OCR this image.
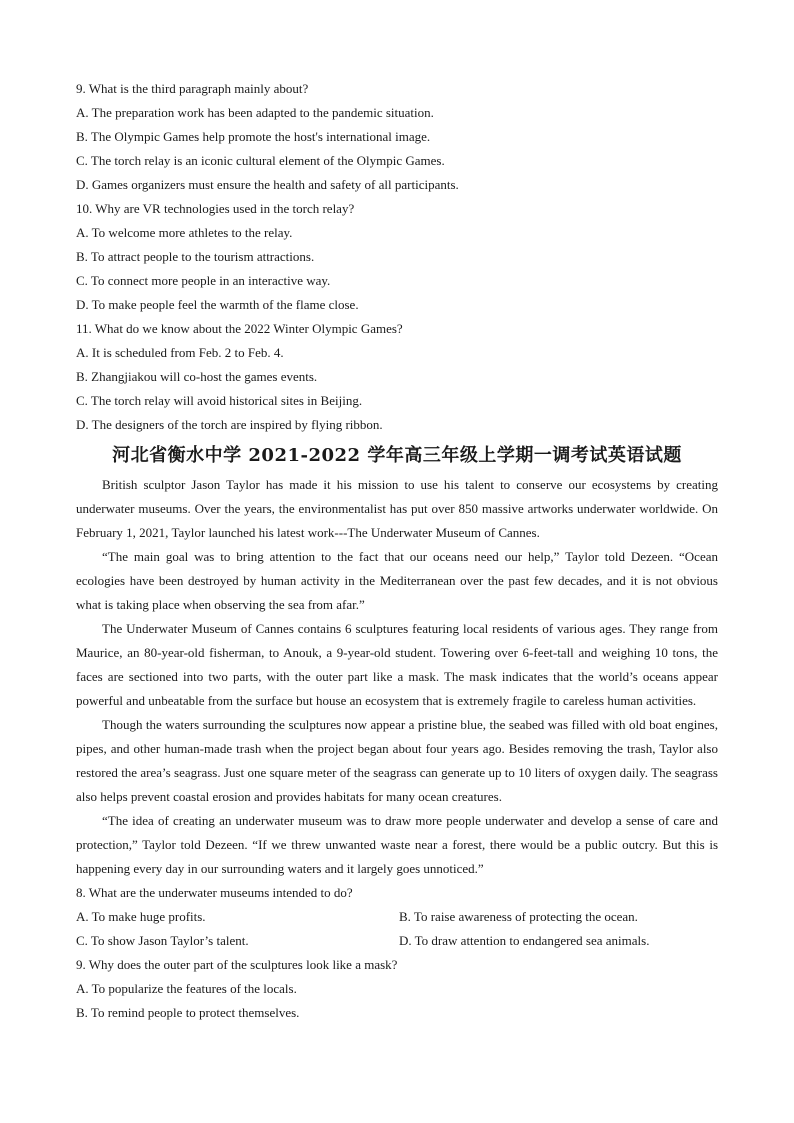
9. What is the third paragraph mainly about?
A. The preparation work has been adapted to the pandemic situation.
B. The Olympic Games help promote the host's international image.
C. The torch relay is an iconic cultural element of the Olympic Games.
D. Games organizers must ensure the health and safety of all participants.
10. Why are VR technologies used in the torch relay?
A. To welcome more athletes to the relay.
B. To attract people to the tourism attractions.
C. To connect more people in an interactive way.
D. To make people feel the warmth of the flame close.
11. What do we know about the 2022 Winter Olympic Games?
A. It is scheduled from Feb. 2 to Feb. 4.
B. Zhangjiakou will co-host the games events.
C. The torch relay will avoid historical sites in Beijing.
D. The designers of the torch are inspired by flying ribbon.
河北省衡水中学 2021-2022 学年高三年级上学期一调考试英语试题

British sculptor Jason Taylor has made it his mission to use his talent to conserve our ecosystems by creating underwater museums. Over the years, the environmentalist has put over 850 massive artworks underwater worldwide. On February 1, 2021, Taylor launched his latest work---The Underwater Museum of Cannes.

“The main goal was to bring attention to the fact that our oceans need our help,” Taylor told Dezeen. “Ocean ecologies have been destroyed by human activity in the Mediterranean over the past few decades, and it is not obvious what is taking place when observing the sea from afar.”

The Underwater Museum of Cannes contains 6 sculptures featuring local residents of various ages. They range from Maurice, an 80-year-old fisherman, to Anouk, a 9-year-old student. Towering over 6-feet-tall and weighing 10 tons, the faces are sectioned into two parts, with the outer part like a mask. The mask indicates that the world’s oceans appear powerful and unbeatable from the surface but house an ecosystem that is extremely fragile to careless human activities.

Though the waters surrounding the sculptures now appear a pristine blue, the seabed was filled with old boat engines, pipes, and other human-made trash when the project began about four years ago. Besides removing the trash, Taylor also restored the area’s seagrass. Just one square meter of the seagrass can generate up to 10 liters of oxygen daily. The seagrass also helps prevent coastal erosion and provides habitats for many ocean creatures.

“The idea of creating an underwater museum was to draw more people underwater and develop a sense of care and protection,” Taylor told Dezeen. “If we threw unwanted waste near a forest, there would be a public outcry. But this is happening every day in our surrounding waters and it largely goes unnoticed.”

8. What are the underwater museums intended to do?
A. To make huge profits.	B. To raise awareness of protecting the ocean.
C. To show Jason Taylor’s talent.	D. To draw attention to endangered sea animals.
9. Why does the outer part of the sculptures look like a mask?
A. To popularize the features of the locals.
B. To remind people to protect themselves.
